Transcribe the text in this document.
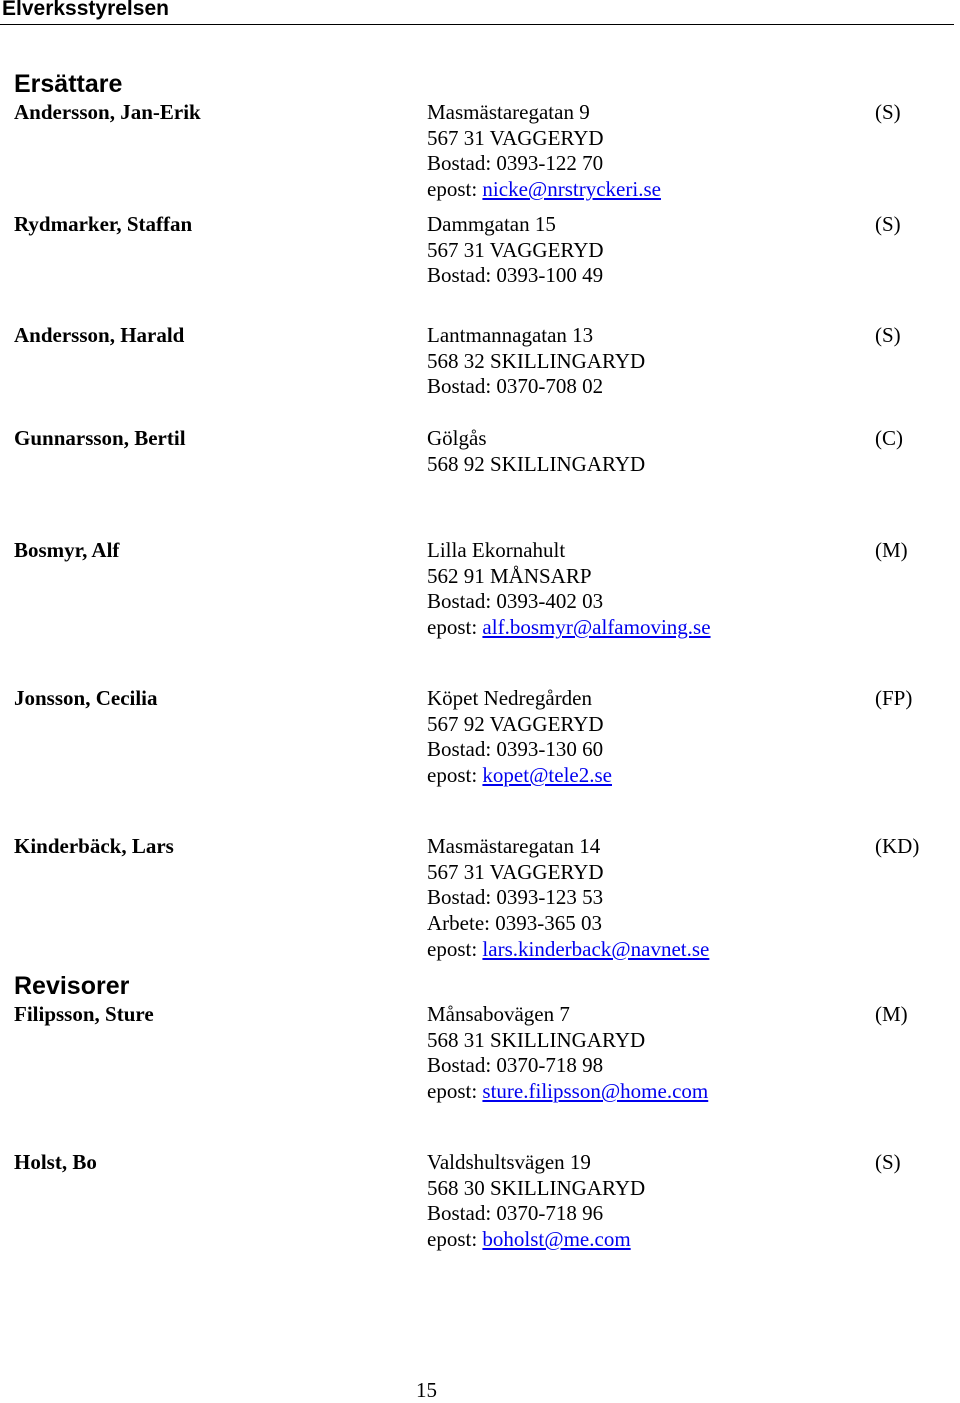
Elverksstyrelsen
Ersättare
Andersson, Jan-Erik	Masmästaregatan 9
567 31 VAGGERYD
Bostad: 0393-122 70
epost: nicke@nrstryckeri.se
(S)
Rydmarker, Staffan	Dammgatan 15
567 31 VAGGERYD
Bostad: 0393-100 49
(S)
Andersson, Harald	Lantmannagatan 13
568 32 SKILLINGARYD
Bostad: 0370-708 02
(S)
Gunnarsson, Bertil	Gölgås
568 92 SKILLINGARYD
(C)
Bosmyr, Alf	Lilla Ekornahult
562 91 MÅNSARP
Bostad: 0393-402 03
epost: alf.bosmyr@alfamoving.se
(M)
Jonsson, Cecilia	Köpet Nedregården
567 92 VAGGERYD
Bostad: 0393-130 60
epost: kopet@tele2.se
(FP)
Kinderbäck, Lars	Masmästaregatan 14
567 31 VAGGERYD
Bostad: 0393-123 53
Arbete: 0393-365 03
epost: lars.kinderback@navnet.se
(KD)
Revisorer
Filipsson, Sture	Månsabovägen 7
568 31 SKILLINGARYD
Bostad: 0370-718 98
epost: sture.filipsson@home.com
(M)
Holst, Bo	Valdshultsvägen 19
568 30 SKILLINGARYD
Bostad: 0370-718 96
epost: boholst@me.com
(S)
15
